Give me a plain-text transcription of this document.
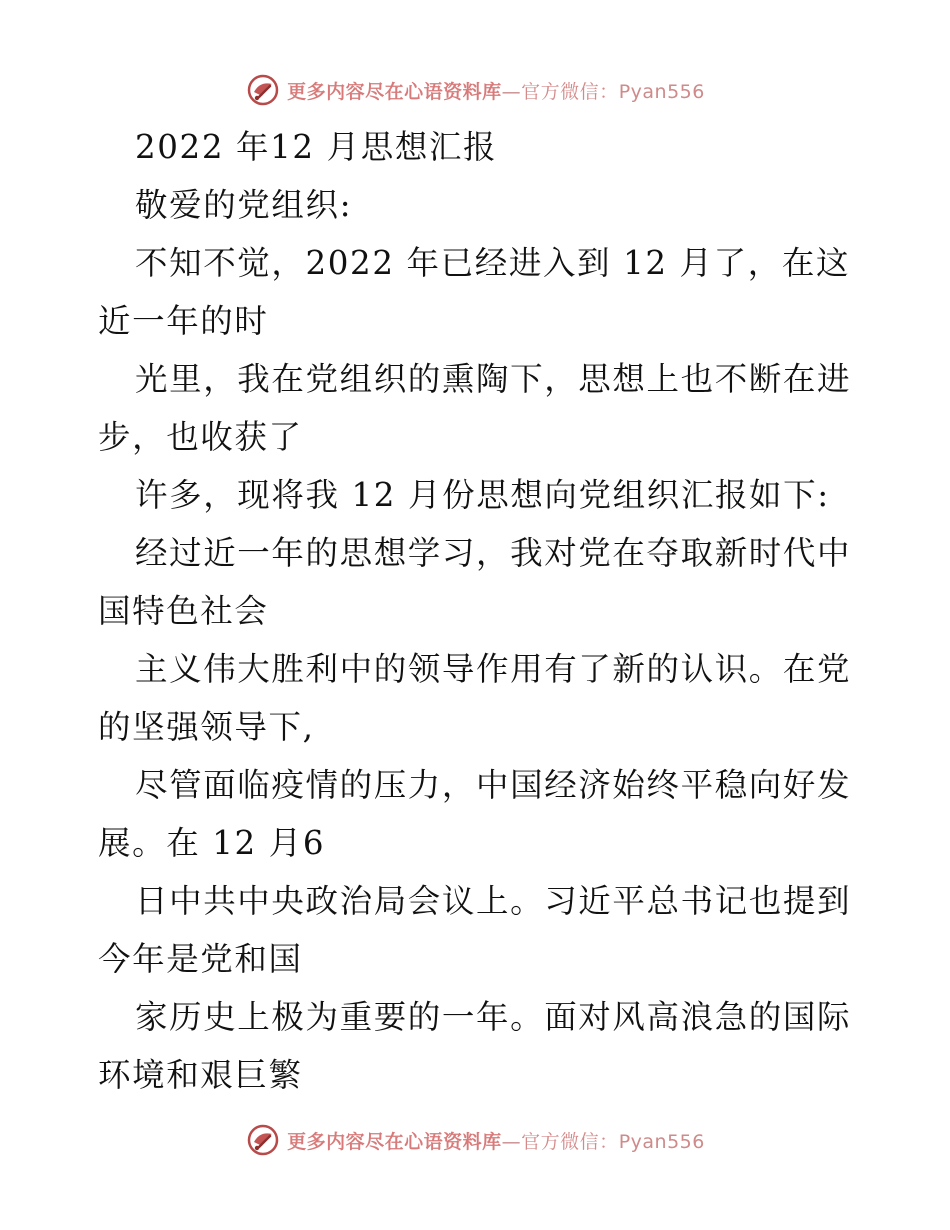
更多内容尽在心语资料库—官方微信：Pyan556
2022 年12 月思想汇报
敬爱的党组织:
不知不觉，2022 年已经进入到 12 月了，在这
近一年的时
光里，我在党组织的熏陶下，思想上也不断在进
步，也收获了
许多，现将我 12 月份思想向党组织汇报如下:
经过近一年的思想学习，我对党在夺取新时代中
国特色社会
主义伟大胜利中的领导作用有了新的认识。在党
的坚强领导下,
尽管面临疫情的压力，中国经济始终平稳向好发
展。在 12 月6
日中共中央政治局会议上。习近平总书记也提到
今年是党和国
家历史上极为重要的一年。面对风高浪急的国际
环境和艰巨繁
更多内容尽在心语资料库—官方微信：Pyan556
